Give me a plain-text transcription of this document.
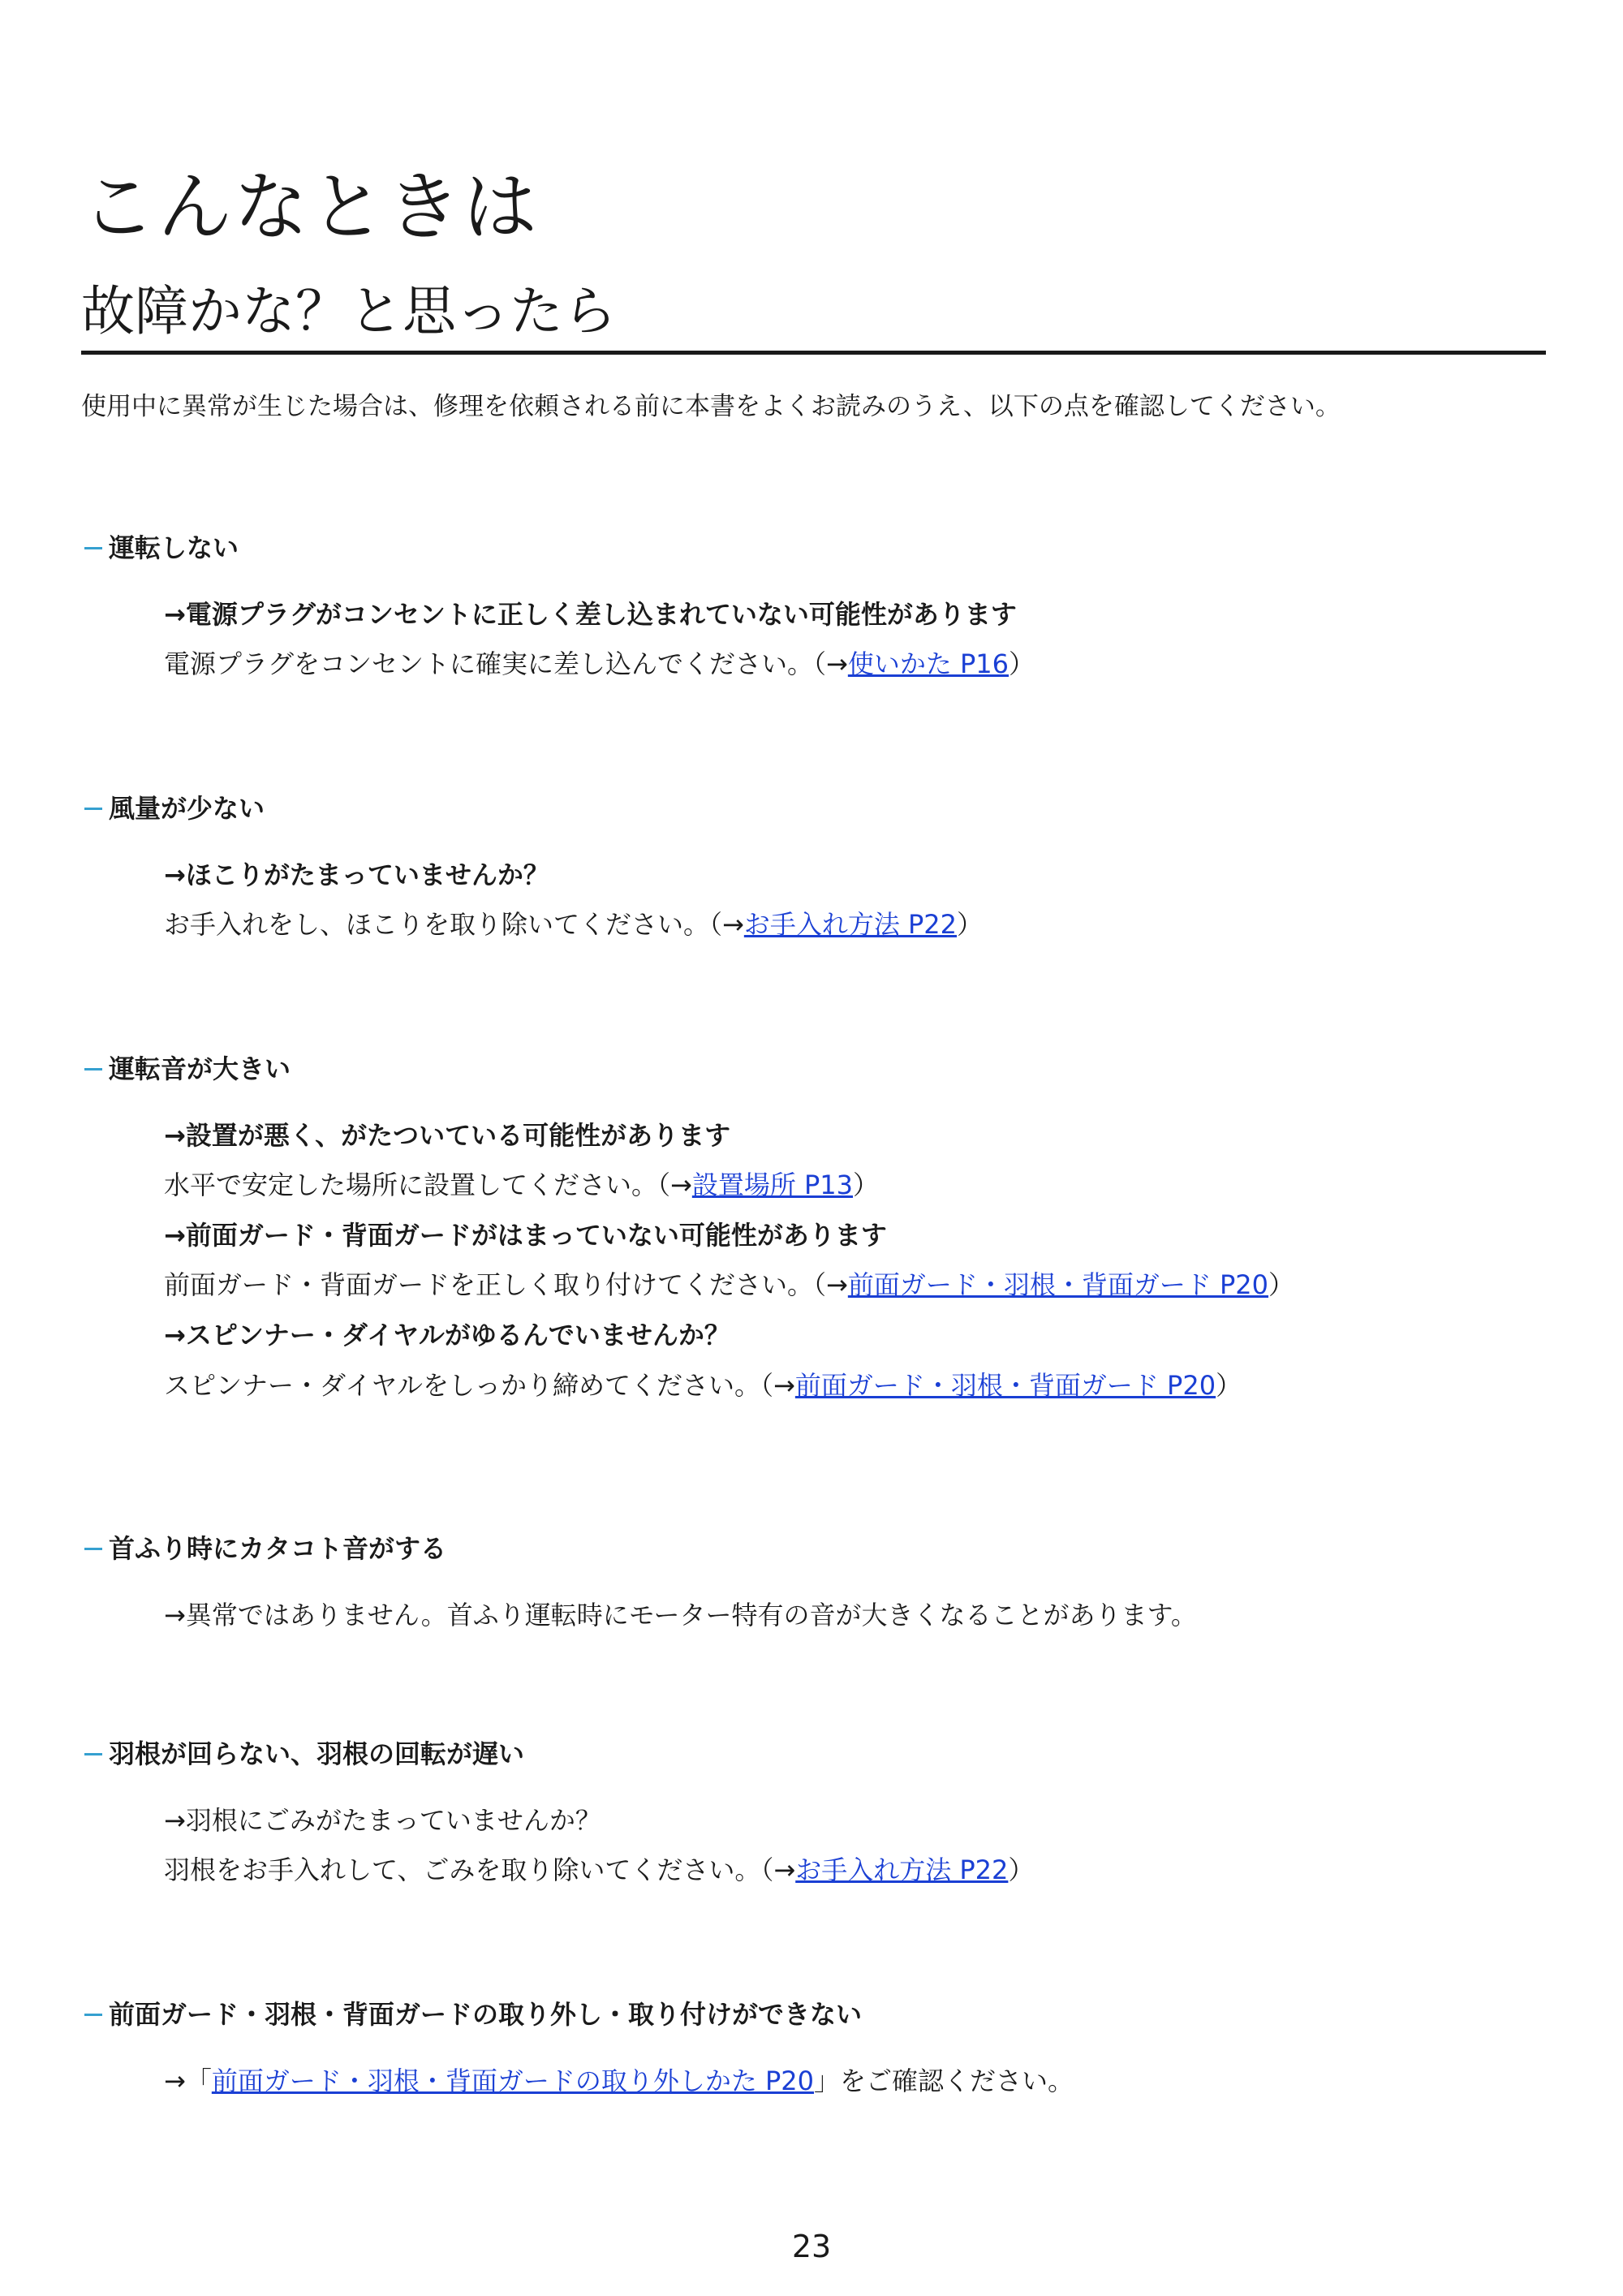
こんなときは
故障かな？と思ったら
使用中に異常が生じた場合は、修理を依頼される前に本書をよくお読みのうえ、以下の点を確認してください。
運転しない
→電源プラグがコンセントに正しく差し込まれていない可能性があります
電源プラグをコンセントに確実に差し込んでください。（→使いかた P16）
風量が少ない
→ほこりがたまっていませんか？
お手入れをし、ほこりを取り除いてください。（→お手入れ方法 P22）
運転音が大きい
→設置が悪く、がたついている可能性があります
水平で安定した場所に設置してください。（→設置場所 P13）
→前面ガード・背面ガードがはまっていない可能性があります
前面ガード・背面ガードを正しく取り付けてください。（→前面ガード・羽根・背面ガード P20）
→スピンナー・ダイヤルがゆるんでいませんか？
スピンナー・ダイヤルをしっかり締めてください。（→前面ガード・羽根・背面ガード P20）
首ふり時にカタコト音がする
→異常ではありません。首ふり運転時にモーター特有の音が大きくなることがあります。
羽根が回らない、羽根の回転が遅い
→羽根にごみがたまっていませんか？
羽根をお手入れして、ごみを取り除いてください。（→お手入れ方法 P22）
前面ガード・羽根・背面ガードの取り外し・取り付けができない
→「前面ガード・羽根・背面ガードの取り外しかた P20」をご確認ください。
23
